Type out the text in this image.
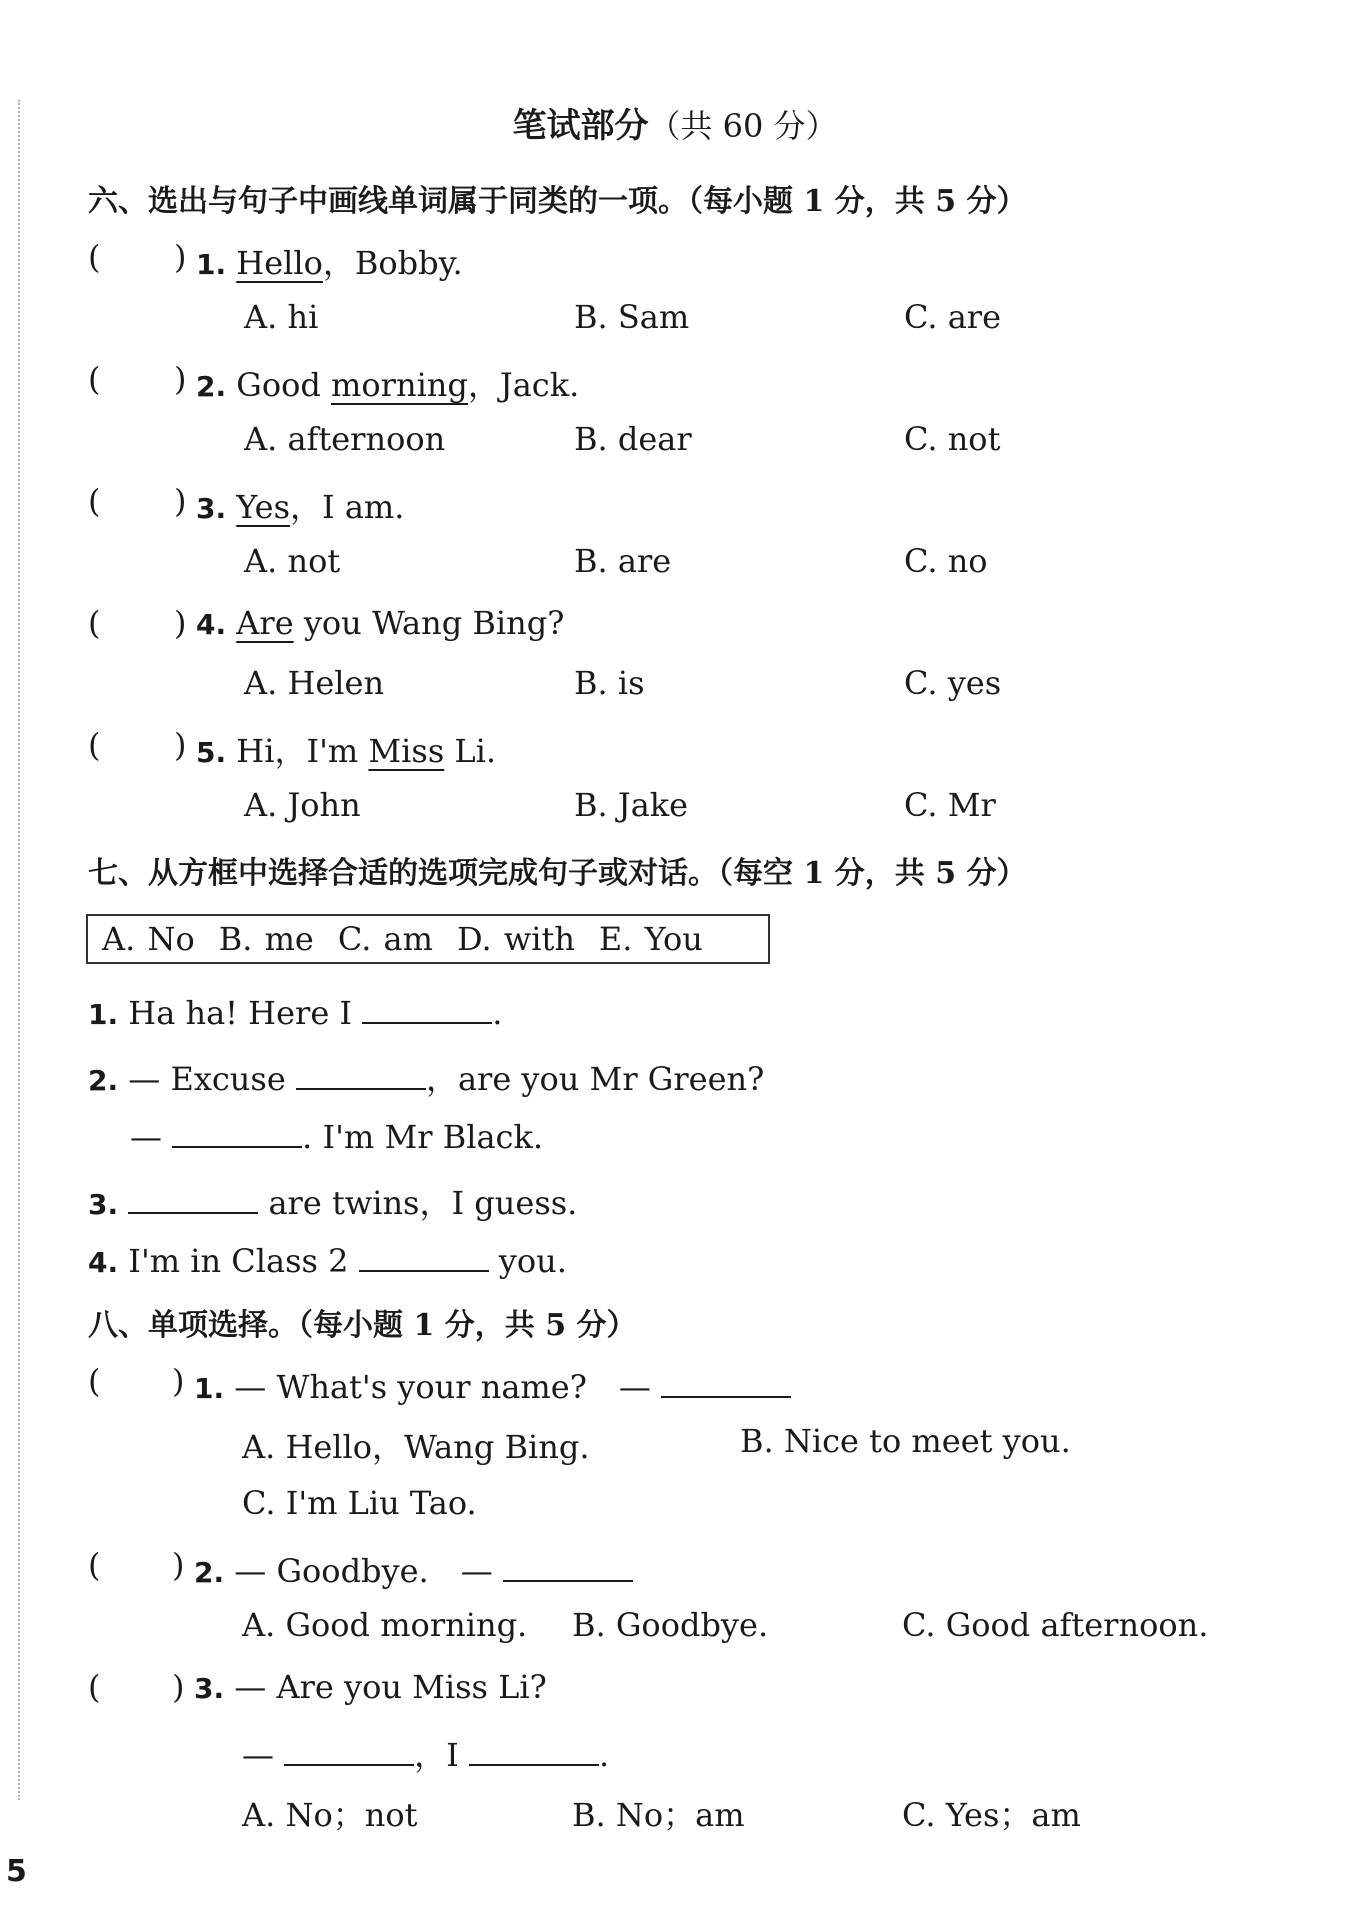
笔试部分（共 60 分）
六、选出与句子中画线单词属于同类的一项。（每小题 1 分，共 5 分）
( ) 1. Hello，Bobby.
A. hi	B. Sam	C. are
( ) 2. Good morning，Jack.
A. afternoon	B. dear	C. not
( ) 3. Yes，I am.
A. not	B. are	C. no
( ) 4. Are you Wang Bing?
A. Helen	B. is	C. yes
( ) 5. Hi，I'm Miss Li.
A. John	B. Jake	C. Mr
七、从方框中选择合适的选项完成句子或对话。（每空 1 分，共 5 分）
A. No B. me C. am D. with E. You
1. Ha ha! Here I	.
2. — Excuse	，are you Mr Green?
—	. I'm Mr Black.
3.	are twins，I guess.
4. I'm in Class 2	you.
八、单项选择。（每小题 1 分，共 5 分）
( ) 1. — What's your name?　—
A. Hello，Wang Bing.	B. Nice to meet you.
C. I'm Liu Tao.
( ) 2. — Goodbye.　—
A. Good morning. B. Goodbye.	C. Good afternoon.
( ) 3. — Are you Miss Li?
—	，I	.
A. No；not	B. No；am	C. Yes；am
5
